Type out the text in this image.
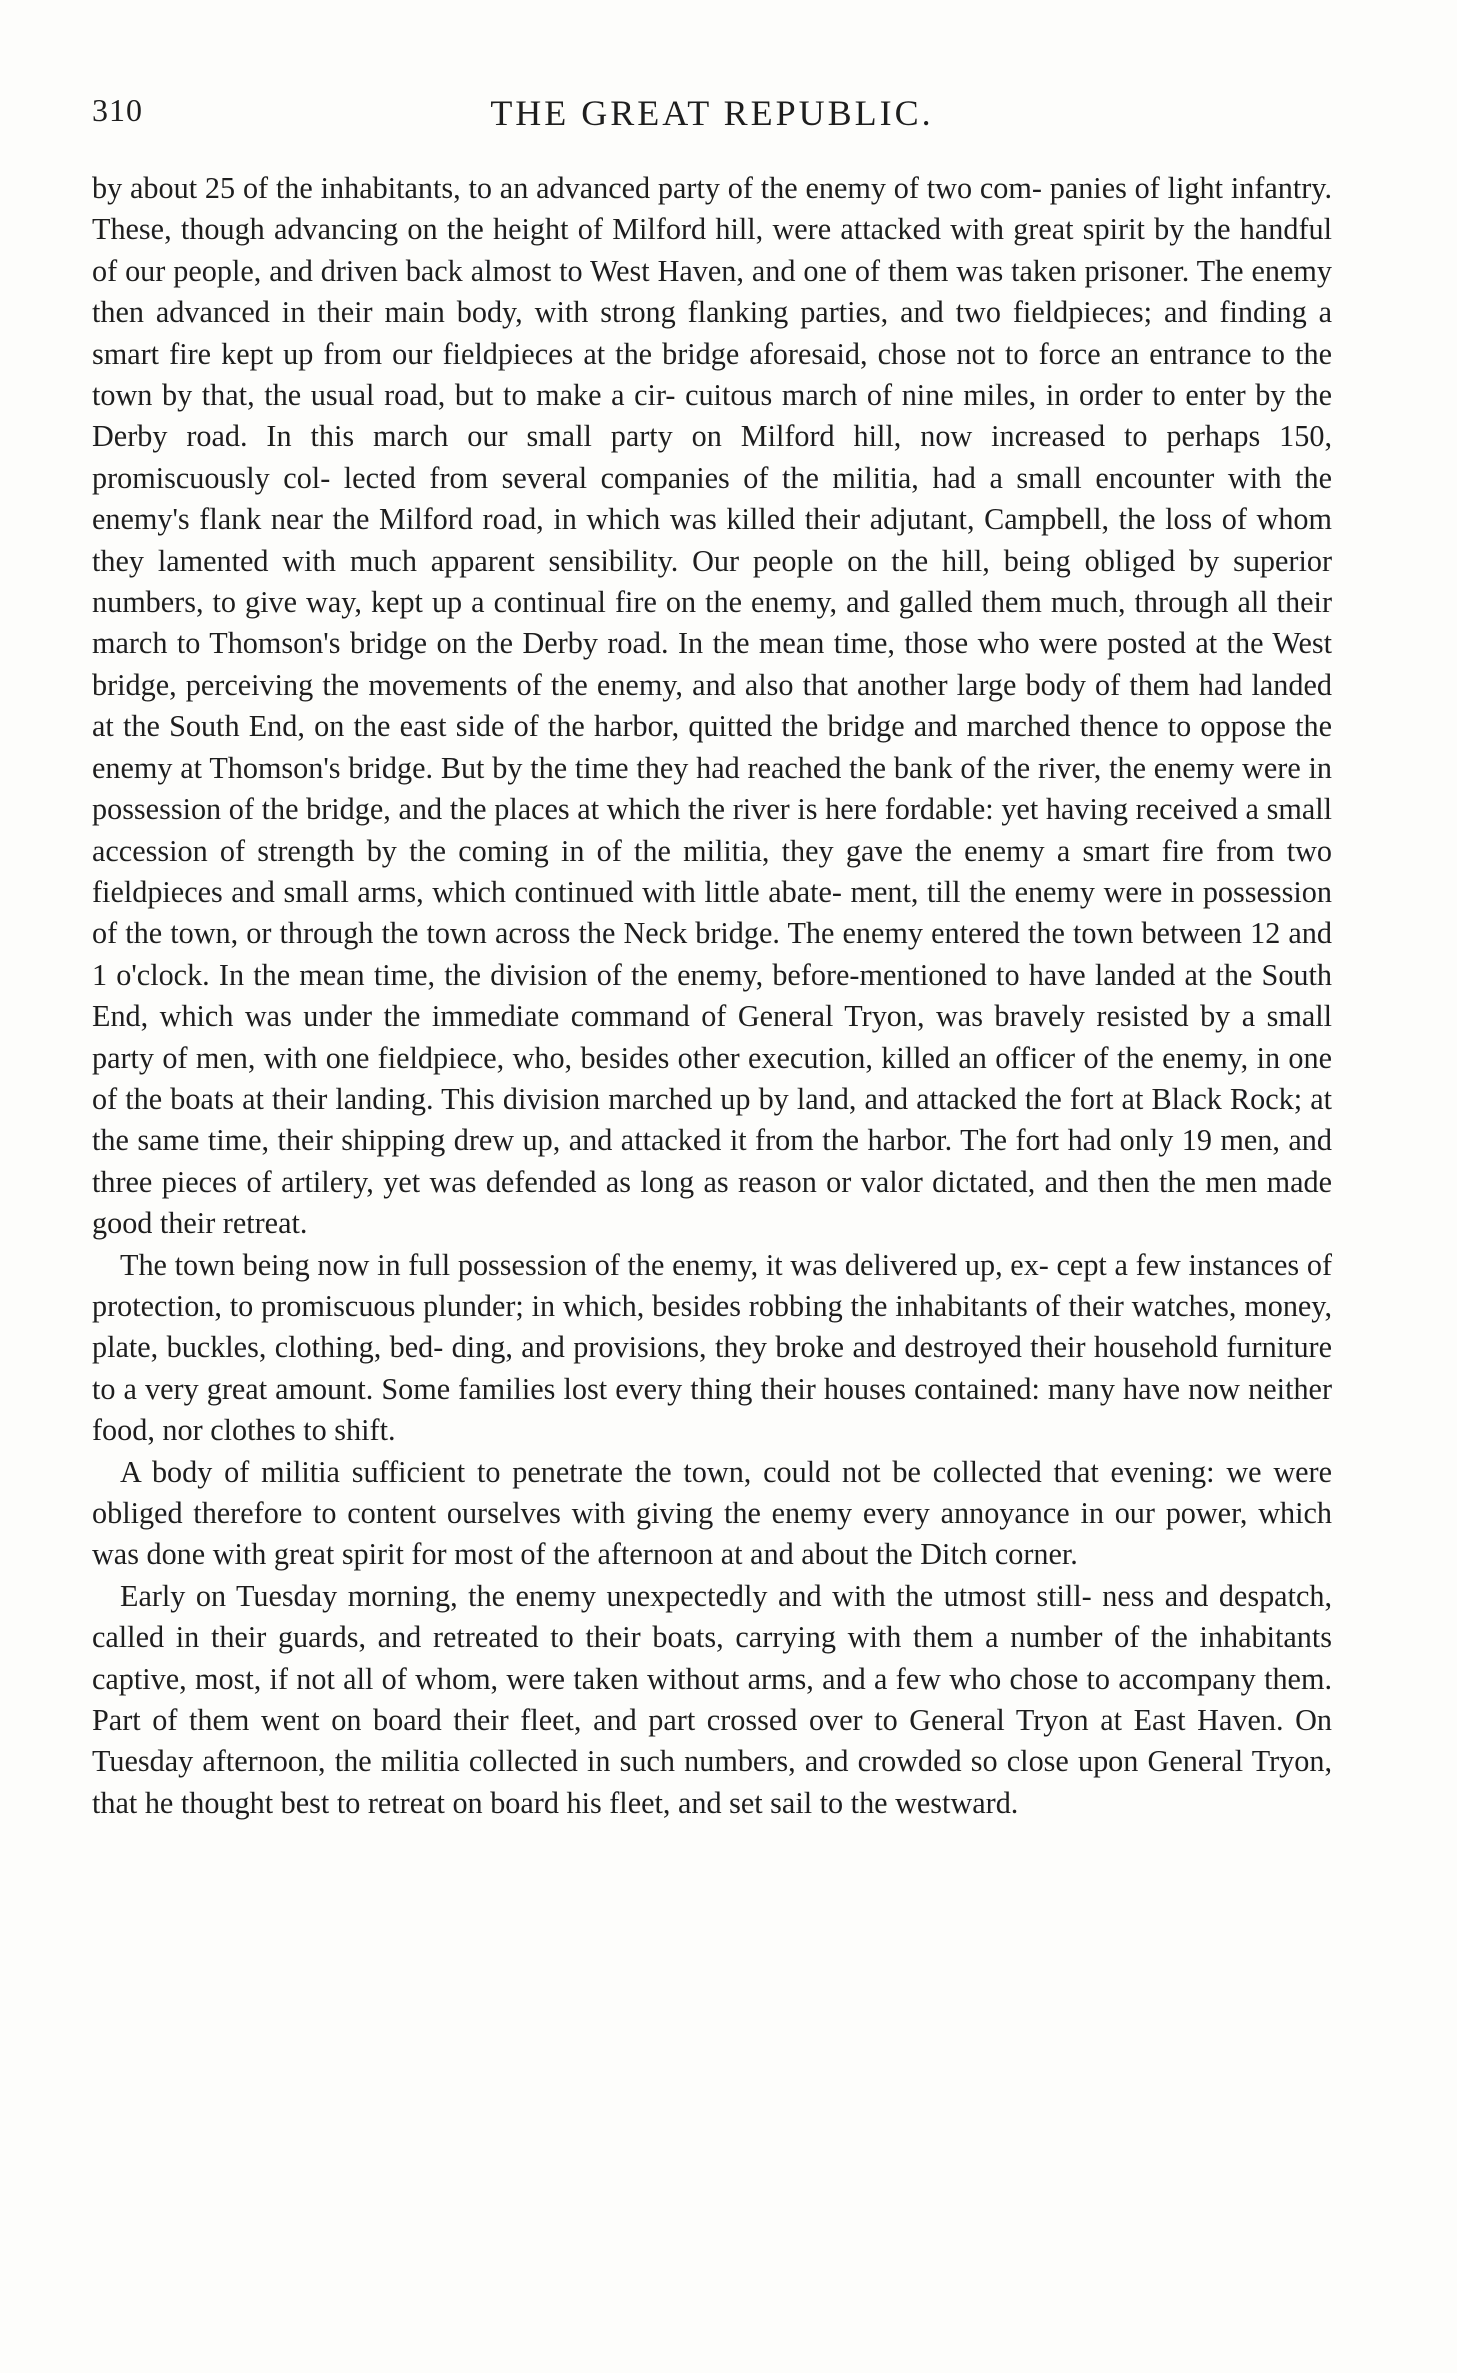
310	THE GREAT REPUBLIC.

by about 25 of the inhabitants, to an advanced party of the enemy of two com- panies of light infantry. These, though advancing on the height of Milford hill, were attacked with great spirit by the handful of our people, and driven back almost to West Haven, and one of them was taken prisoner. The enemy then advanced in their main body, with strong flanking parties, and two fieldpieces; and finding a smart fire kept up from our fieldpieces at the bridge aforesaid, chose not to force an entrance to the town by that, the usual road, but to make a cir- cuitous march of nine miles, in order to enter by the Derby road. In this march our small party on Milford hill, now increased to perhaps 150, promiscuously col- lected from several companies of the militia, had a small encounter with the enemy's flank near the Milford road, in which was killed their adjutant, Campbell, the loss of whom they lamented with much apparent sensibility. Our people on the hill, being obliged by superior numbers, to give way, kept up a continual fire on the enemy, and galled them much, through all their march to Thomson's bridge on the Derby road. In the mean time, those who were posted at the West bridge, perceiving the movements of the enemy, and also that another large body of them had landed at the South End, on the east side of the harbor, quitted the bridge and marched thence to oppose the enemy at Thomson's bridge. But by the time they had reached the bank of the river, the enemy were in possession of the bridge, and the places at which the river is here fordable: yet having received a small accession of strength by the coming in of the militia, they gave the enemy a smart fire from two fieldpieces and small arms, which continued with little abate- ment, till the enemy were in possession of the town, or through the town across the Neck bridge. The enemy entered the town between 12 and 1 o'clock. In the mean time, the division of the enemy, before-mentioned to have landed at the South End, which was under the immediate command of General Tryon, was bravely resisted by a small party of men, with one fieldpiece, who, besides other execution, killed an officer of the enemy, in one of the boats at their landing. This division marched up by land, and attacked the fort at Black Rock; at the same time, their shipping drew up, and attacked it from the harbor. The fort had only 19 men, and three pieces of artilery, yet was defended as long as reason or valor dictated, and then the men made good their retreat.

The town being now in full possession of the enemy, it was delivered up, ex- cept a few instances of protection, to promiscuous plunder; in which, besides robbing the inhabitants of their watches, money, plate, buckles, clothing, bed- ding, and provisions, they broke and destroyed their household furniture to a very great amount. Some families lost every thing their houses contained: many have now neither food, nor clothes to shift.

A body of militia sufficient to penetrate the town, could not be collected that evening: we were obliged therefore to content ourselves with giving the enemy every annoyance in our power, which was done with great spirit for most of the afternoon at and about the Ditch corner.

Early on Tuesday morning, the enemy unexpectedly and with the utmost still- ness and despatch, called in their guards, and retreated to their boats, carrying with them a number of the inhabitants captive, most, if not all of whom, were taken without arms, and a few who chose to accompany them. Part of them went on board their fleet, and part crossed over to General Tryon at East Haven. On Tuesday afternoon, the militia collected in such numbers, and crowded so close upon General Tryon, that he thought best to retreat on board his fleet, and set sail to the westward.
